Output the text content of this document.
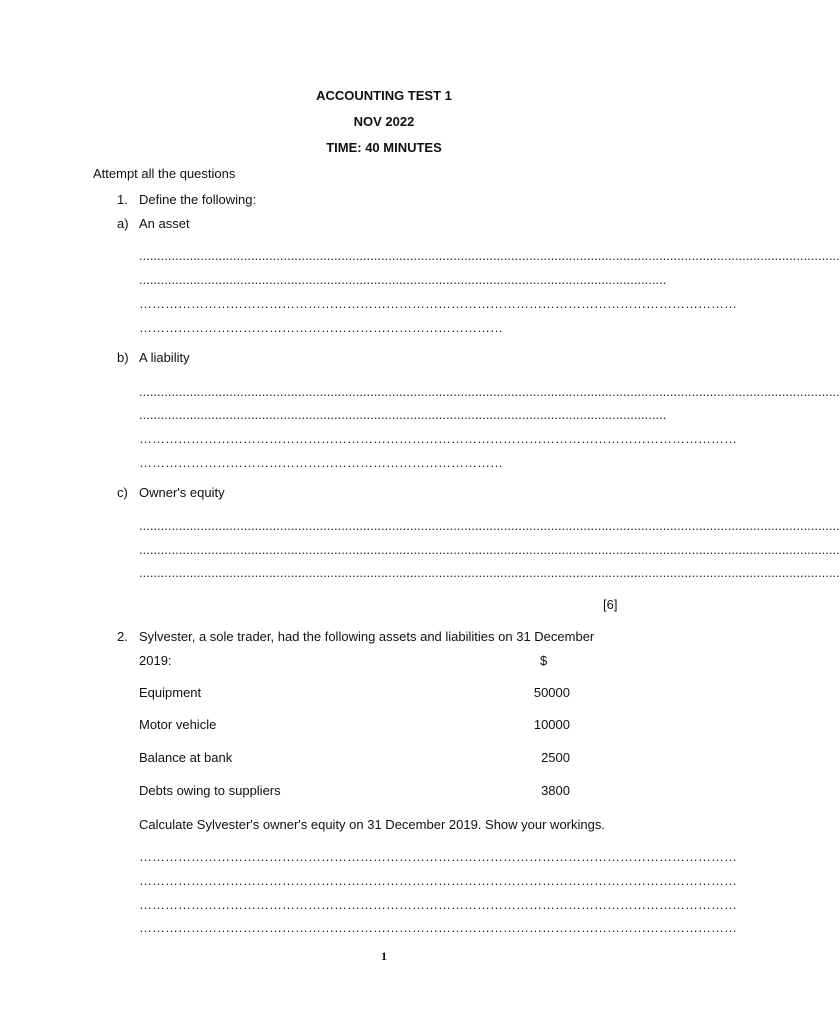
ACCOUNTING TEST 1
NOV 2022
TIME: 40 MINUTES
Attempt all the questions
1. Define the following:
a) An asset
..................................................................................................................................................................................................
..................................................................................................................................................
…………………………………………………………………………………………………………………………
…………………………………………………………………………
b) A liability
..................................................................................................................................................................................................
..................................................................................................................................................
…………………………………………………………………………………………………………………………
…………………………………………………………………………
c) Owner's equity
..................................................................................................................................................................................................
..................................................................................................................................................................................................
..................................................................................................................................................................................................
[6]
2. Sylvester, a sole trader, had the following assets and liabilities on 31 December
2019:	$
Equipment	50000
Motor vehicle	10000
Balance at bank	2500
Debts owing to suppliers	3800
Calculate Sylvester's owner's equity on 31 December 2019. Show your workings.
…………………………………………………………………………………………………………………………
…………………………………………………………………………………………………………………………
…………………………………………………………………………………………………………………………
…………………………………………………………………………………………………………………………
1
